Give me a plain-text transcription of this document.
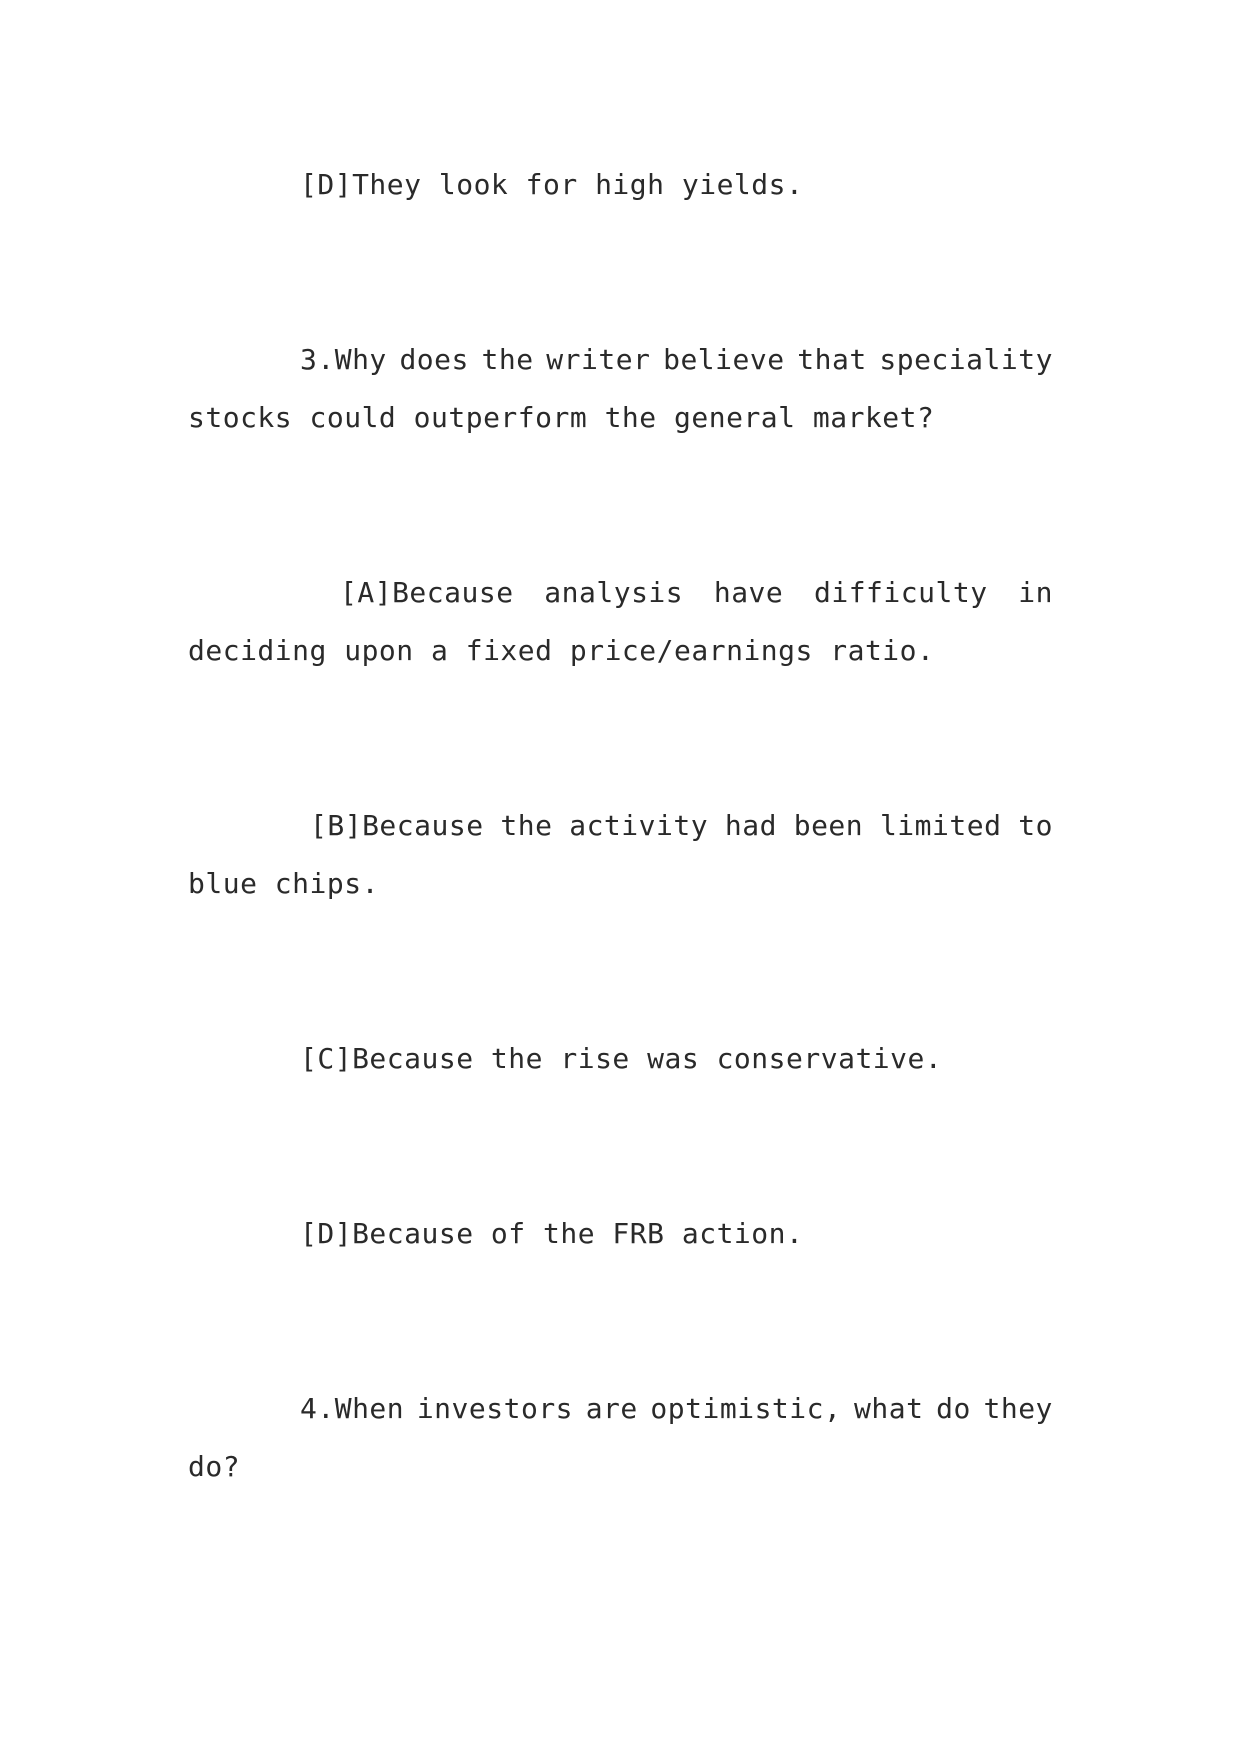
[D]They look for high yields.
3.Why does the writer believe that speciality
stocks could outperform the general market?
[A]Because analysis have difficulty in
deciding upon a fixed price/earnings ratio.
[B]Because the activity had been limited to
blue chips.
[C]Because the rise was conservative.
[D]Because of the FRB action.
4.When investors are optimistic, what do they
do?
